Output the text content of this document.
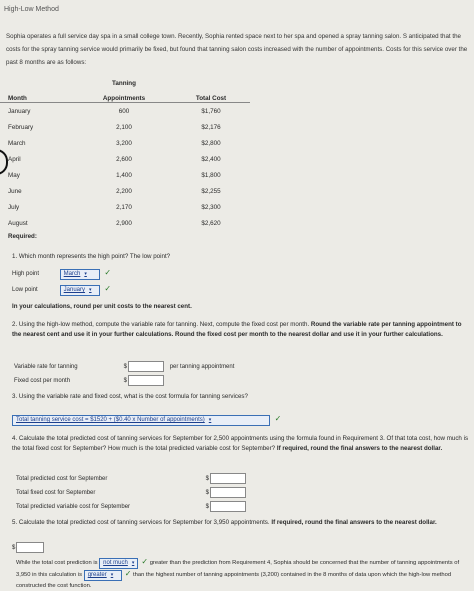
High-Low Method
Sophia operates a full service day spa in a small college town. Recently, Sophia rented space next to her spa and opened a spray tanning salon. S anticipated that the costs for the spray tanning service would primarily be fixed, but found that tanning salon costs increased with the number of appointments. Costs for this service over the past 8 months are as follows:
	Tanning	
Month	Appointments	Total Cost
January	600	$1,760
February	2,100	$2,176
March	3,200	$2,800
April	2,600	$2,400
May	1,400	$1,800
June	2,200	$2,255
July	2,170	$2,300
August	2,900	$2,620
Required:
1. Which month represents the high point? The low point?
High point	March ▾ ✓
Low point	January ▾ ✓
In your calculations, round per unit costs to the nearest cent.
2. Using the high-low method, compute the variable rate for tanning. Next, compute the fixed cost per month. Round the variable rate per tanning appointment to the nearest cent and use it in your further calculations. Round the fixed cost per month to the nearest dollar and use it in your further calculations.
Variable rate for tanning	$	per tanning appointment
Fixed cost per month	$
3. Using the variable rate and fixed cost, what is the cost formula for tanning services?
Total tanning service cost = $1520 + ($0.40 x Number of appointments) ▾	✓
4. Calculate the total predicted cost of tanning services for September for 2,500 appointments using the formula found in Requirement 3. Of that tota cost, how much is the total fixed cost for September? How much is the total predicted variable cost for September? If required, round the final answers to the nearest dollar.
Total predicted cost for September	$
Total fixed cost for September	$
Total predicted variable cost for September	$
5. Calculate the total predicted cost of tanning services for September for 3,950 appointments. If required, round the final answers to the nearest dollar.
$
While the total cost prediction is not much ▾ ✓ greater than the prediction from Requirement 4, Sophia should be concerned that the number of tanning appointments of 3,950 in this calculation is greater ▾ ✓ than the highest number of tanning appointments (3,200) contained in the 8 months of data upon which the high-low method constructed the cost function.
